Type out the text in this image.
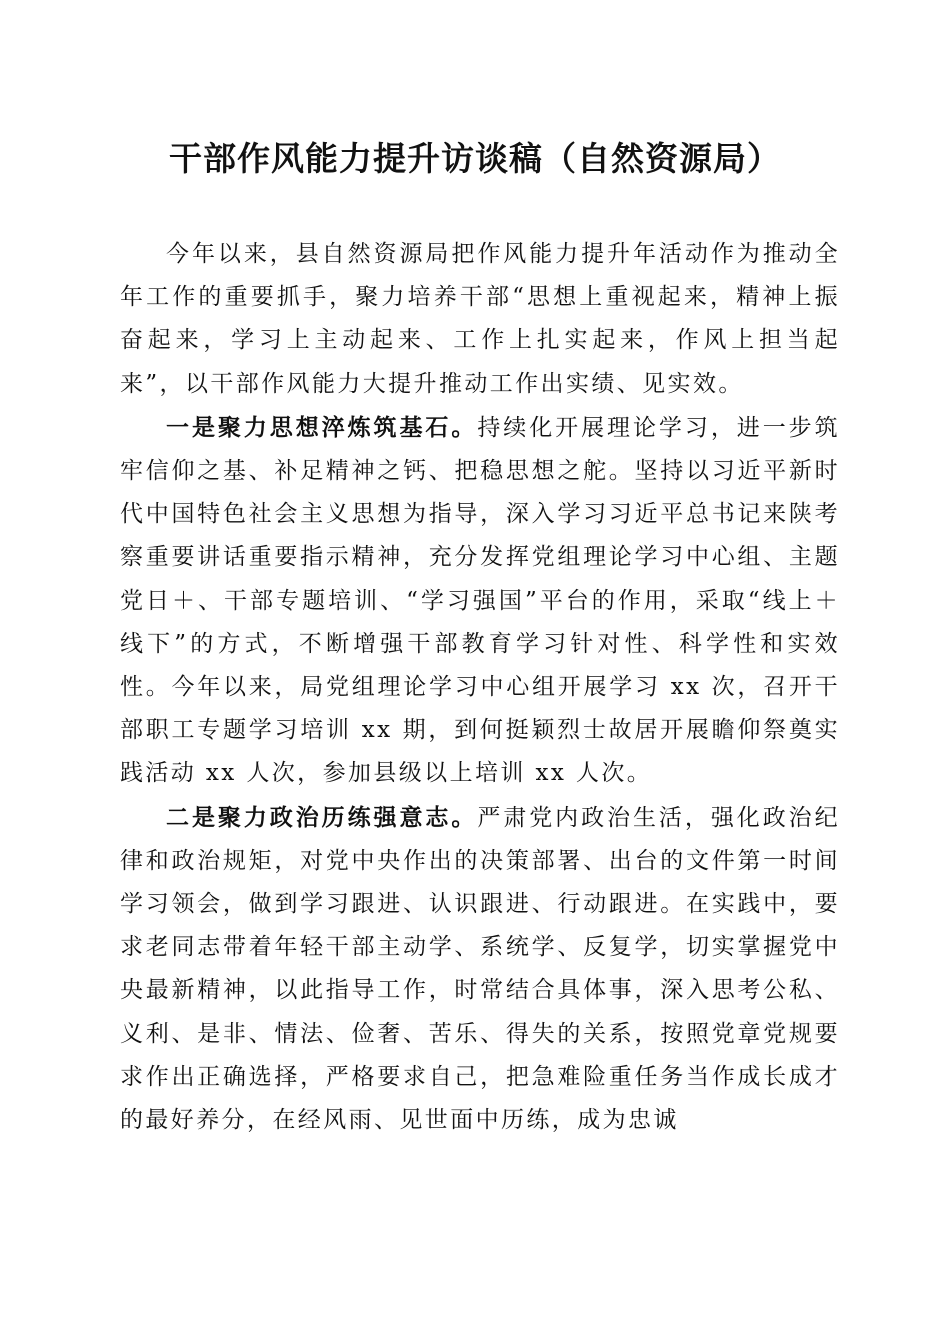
干部作风能力提升访谈稿（自然资源局）

今年以来，县自然资源局把作风能力提升年活动作为推动全年工作的重要抓手，聚力培养干部“思想上重视起来，精神上振奋起来，学习上主动起来、工作上扎实起来，作风上担当起来”，以干部作风能力大提升推动工作出实绩、见实效。

一是聚力思想淬炼筑基石。持续化开展理论学习，进一步筑牢信仰之基、补足精神之钙、把稳思想之舵。坚持以习近平新时代中国特色社会主义思想为指导，深入学习习近平总书记来陕考察重要讲话重要指示精神，充分发挥党组理论学习中心组、主题党日＋、干部专题培训、“学习强国”平台的作用，采取“线上＋线下”的方式，不断增强干部教育学习针对性、科学性和实效性。今年以来，局党组理论学习中心组开展学习 xx 次，召开干部职工专题学习培训 xx 期，到何挺颖烈士故居开展瞻仰祭奠实践活动 xx 人次，参加县级以上培训 xx 人次。

二是聚力政治历练强意志。严肃党内政治生活，强化政治纪律和政治规矩，对党中央作出的决策部署、出台的文件第一时间学习领会，做到学习跟进、认识跟进、行动跟进。在实践中，要求老同志带着年轻干部主动学、系统学、反复学，切实掌握党中央最新精神，以此指导工作，时常结合具体事，深入思考公私、义利、是非、情法、俭奢、苦乐、得失的关系，按照党章党规要求作出正确选择，严格要求自己，把急难险重任务当作成长成才的最好养分，在经风雨、见世面中历练，成为忠诚
